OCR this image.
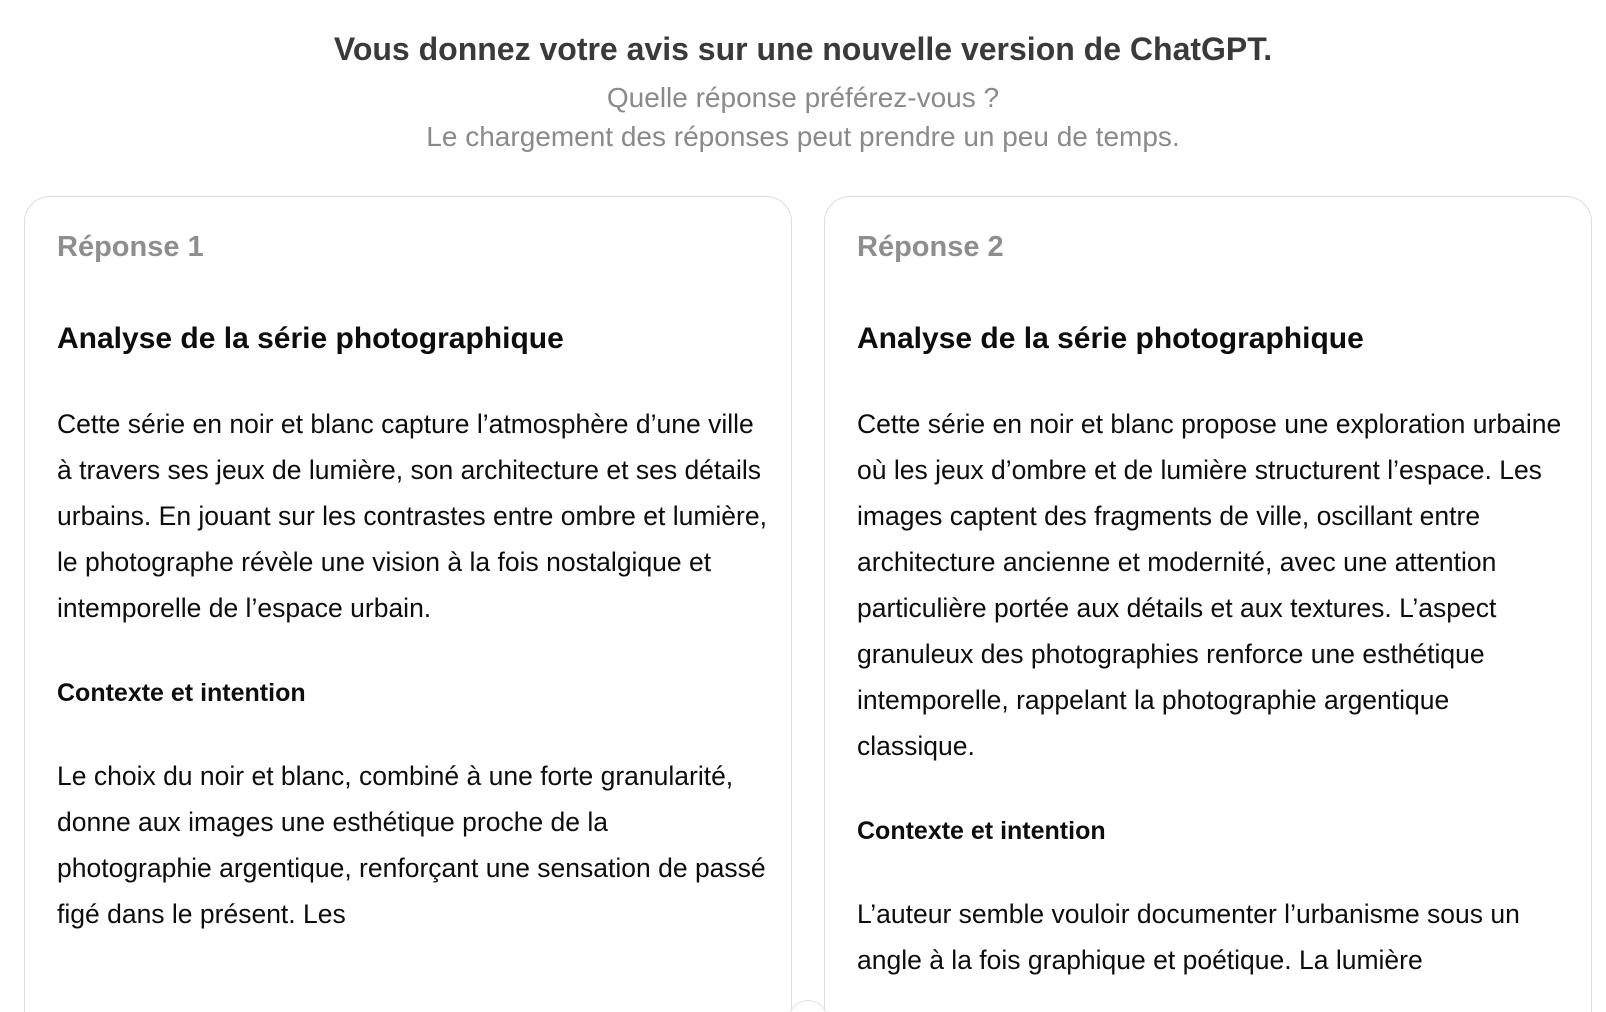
Vous donnez votre avis sur une nouvelle version de ChatGPT.
Quelle réponse préférez-vous ?
Le chargement des réponses peut prendre un peu de temps.

Réponse 1

Analyse de la série photographique

Cette série en noir et blanc capture l’atmosphère d’une ville à travers ses jeux de lumière, son architecture et ses détails urbains. En jouant sur les contrastes entre ombre et lumière, le photographe révèle une vision à la fois nostalgique et intemporelle de l’espace urbain.

Contexte et intention

Le choix du noir et blanc, combiné à une forte granularité, donne aux images une esthétique proche de la photographie argentique, renforçant une sensation de passé figé dans le présent. Les

Réponse 2

Analyse de la série photographique

Cette série en noir et blanc propose une exploration urbaine où les jeux d’ombre et de lumière structurent l’espace. Les images captent des fragments de ville, oscillant entre architecture ancienne et modernité, avec une attention particulière portée aux détails et aux textures. L’aspect granuleux des photographies renforce une esthétique intemporelle, rappelant la photographie argentique classique.

Contexte et intention

L’auteur semble vouloir documenter l’urbanisme sous un angle à la fois graphique et poétique. La lumière
